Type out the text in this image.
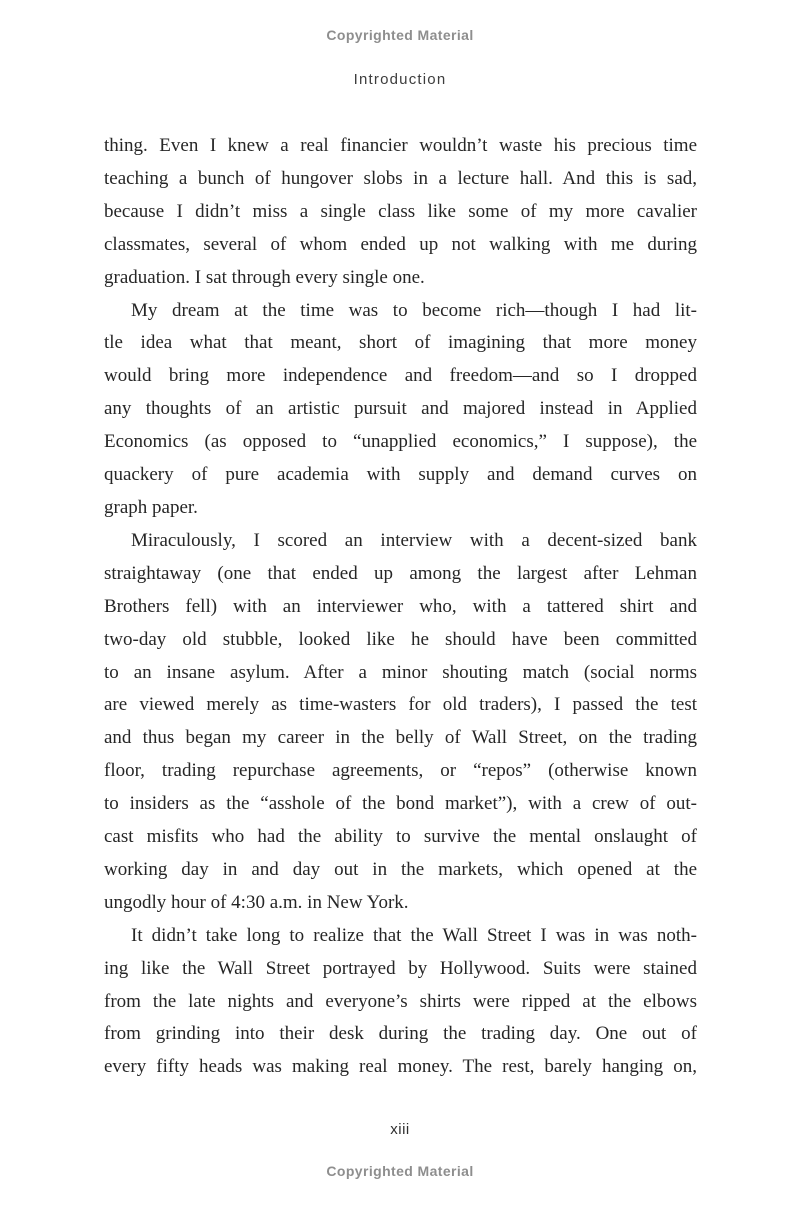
Copyrighted Material
Introduction

thing. Even I knew a real financier wouldn’t waste his precious time
teaching a bunch of hungover slobs in a lecture hall. And this is sad,
because I didn’t miss a single class like some of my more cavalier
classmates, several of whom ended up not walking with me during
graduation. I sat through every single one.

My dream at the time was to become rich—though I had lit-
tle idea what that meant, short of imagining that more money
would bring more independence and freedom—and so I dropped
any thoughts of an artistic pursuit and majored instead in Applied
Economics (as opposed to “unapplied economics,” I suppose), the
quackery of pure academia with supply and demand curves on
graph paper.

Miraculously, I scored an interview with a decent-sized bank
straightaway (one that ended up among the largest after Lehman
Brothers fell) with an interviewer who, with a tattered shirt and
two-day old stubble, looked like he should have been committed
to an insane asylum. After a minor shouting match (social norms
are viewed merely as time-wasters for old traders), I passed the test
and thus began my career in the belly of Wall Street, on the trading
floor, trading repurchase agreements, or “repos” (otherwise known
to insiders as the “asshole of the bond market”), with a crew of out-
cast misfits who had the ability to survive the mental onslaught of
working day in and day out in the markets, which opened at the
ungodly hour of 4:30 a.m. in New York.

It didn’t take long to realize that the Wall Street I was in was noth-
ing like the Wall Street portrayed by Hollywood. Suits were stained
from the late nights and everyone’s shirts were ripped at the elbows
from grinding into their desk during the trading day. One out of
every fifty heads was making real money. The rest, barely hanging on,

xiii
Copyrighted Material
